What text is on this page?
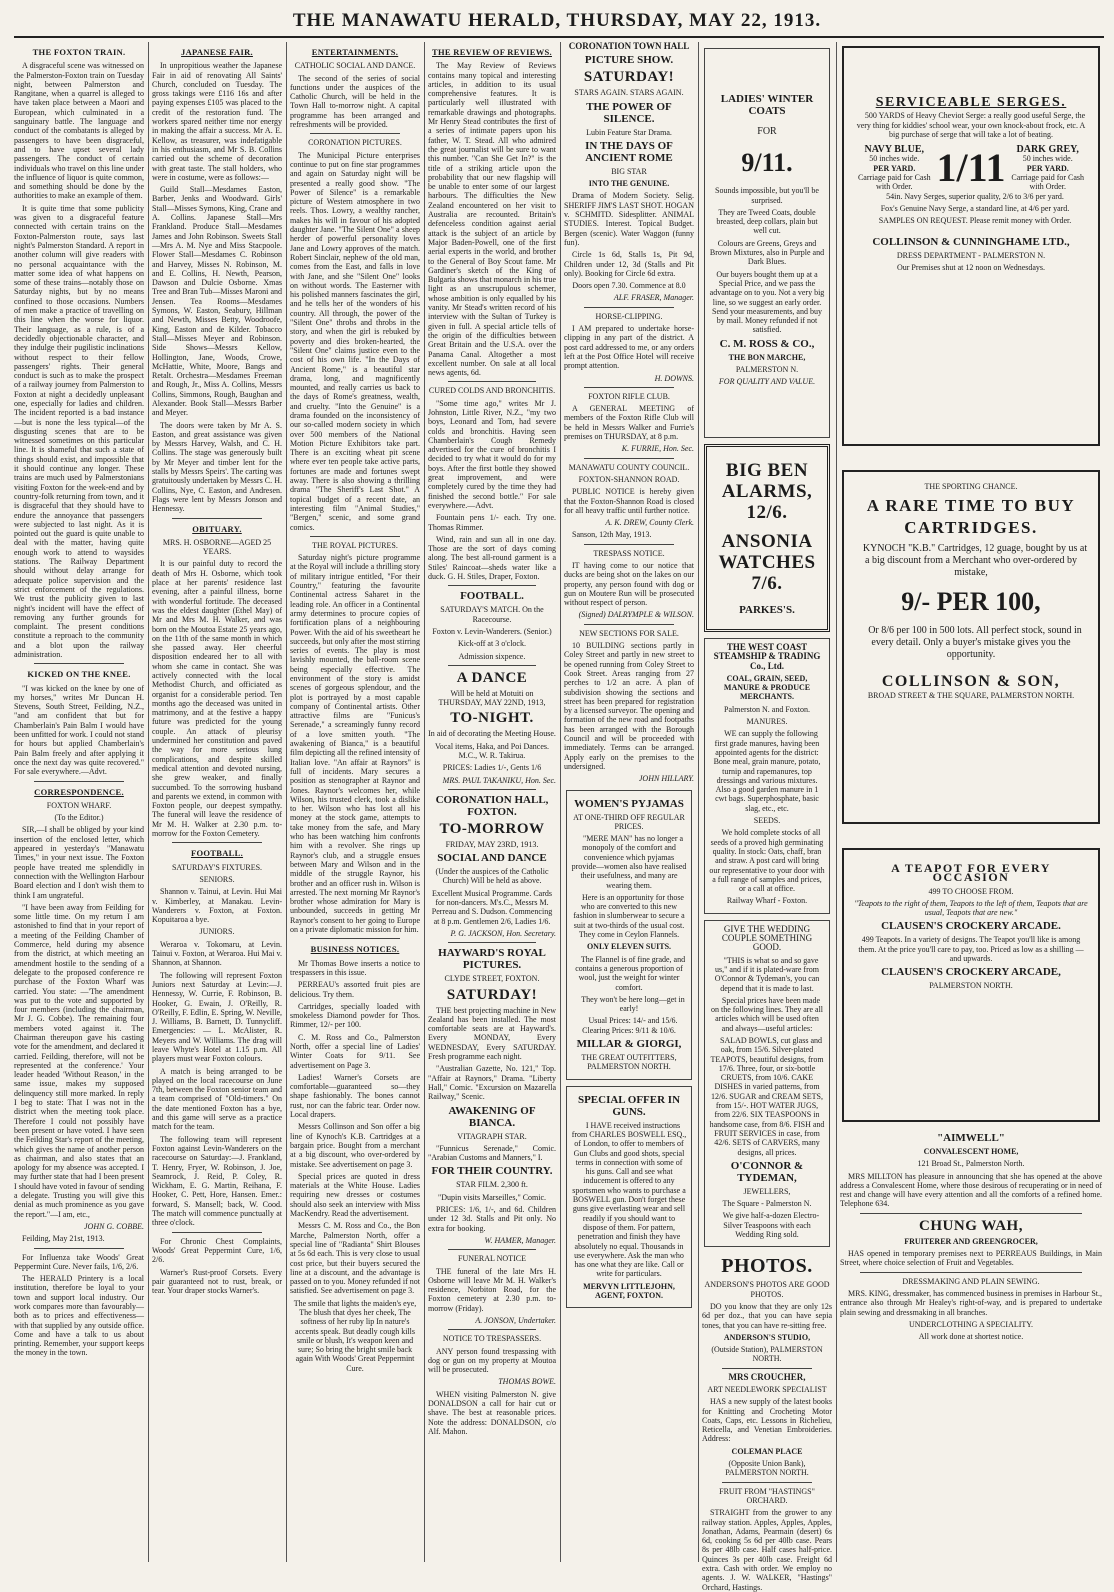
THE MANAWATU HERALD, THURSDAY, MAY 22, 1913.
THE FOXTON TRAIN.

A disgraceful scene was witnessed on the Palmerston-Foxton train on Tuesday night, between Palmerston and Rangitane, when a quarrel is alleged to have taken place between a Maori and European, which culminated in a sanguinary battle. The language and conduct of the combatants is alleged by passengers to have been disgraceful, and to have upset several lady passengers. The conduct of certain individuals who travel on this line under the influence of liquor is quite common, and something should be done by the authorities to make an example of them.

It is quite time that some publicity was given to a disgraceful feature connected with certain trains on the Foxton-Palmerston route, says last night's Palmerston Standard. A report in another column will give readers with no personal acquaintance with the matter some idea of what happens on some of these trains—notably those on Saturday nights, but by no means confined to those occasions. Numbers of men make a practice of travelling on this line when the worse for liquor. Their language, as a rule, is of a decidedly objectionable character, and they indulge their pugilistic inclinations without respect to their fellow passengers' rights. Their general conduct is such as to make the prospect of a railway journey from Palmerston to Foxton at night a decidedly unpleasant one, especially for ladies and children. The incident reported is a bad instance—but is none the less typical—of the disgusting scenes that are to be witnessed sometimes on this particular line. It is shameful that such a state of things should exist, and impossible that it should continue any longer. These trains are much used by Palmerstonians visiting Foxton for the week-end and by country-folk returning from town, and it is disgraceful that they should have to endure the annoyance that passengers were subjected to last night. As it is pointed out the guard is quite unable to deal with the matter, having quite enough work to attend to waysides stations. The Railway Department should without delay arrange for adequate police supervision and the strict enforcement of the regulations. We trust the publicity given to last night's incident will have the effect of removing any further grounds for complaint. The present conditions constitute a reproach to the community and a blot upon the railway administration.

KICKED ON THE KNEE.

"I was kicked on the knee by one of my horses," writes Mr Duncan H. Stevens, South Street, Feilding, N.Z., "and am confident that but for Chamberlain's Pain Balm I would have been unfitted for work. I could not stand for hours but applied Chamberlain's Pain Balm freely and after applying it once the next day was quite recovered." For sale everywhere.—Advt.

CORRESPONDENCE.

FOXTON WHARF.

(To the Editor.)

SIR,—I shall be obliged by your kind insertion of the enclosed letter, which appeared in yesterday's "Manawatu Times," in your next issue. The Foxton people have treated me splendidly in connection with the Wellington Harbour Board election and I don't wish them to think I am ungrateful.

"I have been away from Feilding for some little time. On my return I am astonished to find that in your report of a meeting of the Feilding Chamber of Commerce, held during my absence from the district, at which meeting an amendment hostile to the sending of a delegate to the proposed conference re purchase of the Foxton Wharf was carried. You state: —'The amendment was put to the vote and supported by four members (including the chairman, Mr J. G. Cobbe). The remaining four members voted against it. The Chairman thereupon gave his casting vote for the amendment, and declared it carried. Feilding, therefore, will not be represented at the conference.' Your leader headed 'Without Reason,' in the same issue, makes my supposed delinquency still more marked. In reply I beg to state: That I was not in the district when the meeting took place. Therefore I could not possibly have been present or have voted. I have seen the Feilding Star's report of the meeting, which gives the name of another person as chairman, and also states that an apology for my absence was accepted. I may further state that had I been present I should have voted in favour of sending a delegate. Trusting you will give this denial as much prominence as you gave the report."—I am, etc.,

JOHN G. COBBE.

Feilding, May 21st, 1913.

For Influenza take Woods' Great Peppermint Cure. Never fails, 1/6, 2/6.

The HERALD Printery is a local institution, therefore be loyal to your town and support local industry. Our work compares more than favourably—both as to prices and effectiveness—with that supplied by any outside office. Come and have a talk to us about printing. Remember, your support keeps the money in the town.

JAPANESE FAIR.

In unpropitious weather the Japanese Fair in aid of renovating All Saints' Church, concluded on Tuesday. The gross takings were £116 16s and after paying expenses £105 was placed to the credit of the restoration fund. The workers spared neither time nor energy in making the affair a success. Mr A. E. Kellow, as treasurer, was indefatigable in his enthusiasm, and Mr S. B. Collins carried out the scheme of decoration with great taste. The stall holders, who were in costume, were as follows:—

Guild Stall—Mesdames Easton, Barber, Jenks and Woodward. Girls' Stall—Misses Symons, King, Crane and A. Collins. Japanese Stall—Mrs Frankland. Produce Stall—Mesdames James and John Robinson. Sweets Stall—Mrs A. M. Nye and Miss Stacpoole. Flower Stall—Mesdames C. Robinson and Harvey, Misses N. Robinson, M. and E. Collins, H. Newth, Pearson, Dawson and Dulcie Osborne. Xmas Tree and Bran Tub—Misses Maroni and Jensen. Tea Rooms—Mesdames Symons, W. Easton, Seabury, Hillman and Newth, Misses Betty, Woodroofe, King, Easton and de Kilder. Tobacco Stall—Misses Meyer and Robinson. Side Shows—Messrs Kellow, Hollington, Jane, Woods, Crowe, McHattie, White, Moore, Bangs and Retalt. Orchestra—Mesdames Freeman and Rough, Jr., Miss A. Collins, Messrs Collins, Simmons, Rough, Baughan and Alexander. Book Stall—Messrs Barber and Meyer.

The doors were taken by Mr A. S. Easton, and great assistance was given by Messrs Harvey, Walsh, and C. H. Collins. The stage was generously built by Mr Meyer and timber lent for the stalls by Messrs Speirs'. The carting was gratuitously undertaken by Messrs C. H. Collins, Nye, C. Easton, and Andresen. Flags were lent by Messrs Jonson and Hennessy.

OBITUARY.

MRS. H. OSBORNE—AGED 25 YEARS.

It is our painful duty to record the death of Mrs H. Osborne, which took place at her parents' residence last evening, after a painful illness, borne with wonderful fortitude. The deceased was the eldest daughter (Ethel May) of Mr and Mrs M. H. Walker, and was born on the Moutoa Estate 25 years ago, on the 11th of the same month in which she passed away. Her cheerful disposition endeared her to all with whom she came in contact. She was actively connected with the local Methodist Church, and officiated as organist for a considerable period. Ten months ago the deceased was united in matrimony, and at the festive a happy future was predicted for the young couple. An attack of pleurisy undermined her constitution and paved the way for more serious lung complications, and despite skilled medical attention and devoted nursing, she grew weaker, and finally succumbed. To the sorrowing husband and parents we extend, in common with Foxton people, our deepest sympathy. The funeral will leave the residence of Mr M. H. Walker at 2.30 p.m. to-morrow for the Foxton Cemetery.

FOOTBALL.

SATURDAY'S FIXTURES.

SENIORS.

Shannon v. Tainui, at Levin. Hui Mai v. Kimberley, at Manakau. Levin-Wanderers v. Foxton, at Foxton. Kopuitaroa a bye.

JUNIORS.

Weraroa v. Tokomaru, at Levin. Tainui v. Foxton, at Weraroa. Hui Mai v. Shannon, at Shannon.

The following will represent Foxton Juniors next Saturday at Levin:—J. Hennessy, W. Currie, F. Robinson, B. Hooker, G. Ewain, J. O'Reilly, R. O'Reilly, F. Edlin, E. Spring, W. Neville, J. Williams, B. Barnett, D. Tunnycliff. Emergencies: — L. McAlister, R. Meyers and W. Williams. The drag will leave Whyte's Hotel at 1.15 p.m. All players must wear Foxton colours.

A match is being arranged to be played on the local racecourse on June 7th, between the Foxton senior team and a team comprised of "Old-timers." On the date mentioned Foxton has a bye, and this game will serve as a practice match for the team.

The following team will represent Foxton against Levin-Wanderers on the racecourse on Saturday:—J. Frankland, T. Henry, Fryer, W. Robinson, J. Joe, Seamrock, J. Reid, P. Coley, R. Wickham, E. G. Martin, Reihana, F. Hooker, C. Pett, Hore, Hansen. Emer.: forward, S. Mansell; back, W. Cood. The match will commence punctually at three o'clock.

For Chronic Chest Complaints, Woods' Great Peppermint Cure, 1/6, 2/6.

Warner's Rust-proof Corsets. Every pair guaranteed not to rust, break, or tear. Your draper stocks Warner's.

ENTERTAINMENTS.

CATHOLIC SOCIAL AND DANCE.

The second of the series of social functions under the auspices of the Catholic Church, will be held in the Town Hall to-morrow night. A capital programme has been arranged and refreshments will be provided.

CORONATION PICTURES.

The Municipal Picture enterprises continue to put on fine star programmes and again on Saturday night will be presented a really good show. "The Power of Silence" is a remarkable picture of Western atmosphere in two reels. Thos. Lowry, a wealthy rancher, makes his will in favour of his adopted daughter Jane. "The Silent One" a sheep herder of powerful personality loves Jane and Lowry approves of the match. Robert Sinclair, nephew of the old man, comes from the East, and falls in love with Jane, and she "Silent One" looks on without words. The Easterner with his polished manners fascinates the girl, and he tells her of the wonders of his country. All through, the power of the "Silent One" throbs and throbs in the story, and when the girl is rebuked by poverty and dies broken-hearted, the "Silent One" claims justice even to the cost of his own life. "In the Days of Ancient Rome," is a beautiful star drama, long, and magnificently mounted, and really carries us back to the days of Rome's greatness, wealth, and cruelty. "Into the Genuine" is a drama founded on the inconsistency of our so-called modern society in which over 500 members of the National Motion Picture Exhibitors take part. There is an exciting wheat pit scene where ever ten people take active parts, fortunes are made and fortunes swept away. There is also showing a thrilling drama "The Sheriff's Last Shot." A topical budget of a recent date, an interesting film "Animal Studies," "Bergen," scenic, and some grand comics.

THE ROYAL PICTURES.

Saturday night's picture programme at the Royal will include a thrilling story of military intrigue entitled, "For their Country," featuring the favourite Continental actress Saharet in the leading role. An officer in a Continental army determines to procure copies of fortification plans of a neighbouring Power. With the aid of his sweetheart he succeeds, but only after the most stirring series of events. The play is most lavishly mounted, the ball-room scene being especially effective. The environment of the story is amidst scenes of gorgeous splendour, and the plot is portrayed by a most capable company of Continental artists. Other attractive films are "Funicus's Serenade," a screamingly funny record of a love smitten youth. "The awakening of Bianca," is a beautiful film depicting all the refined intensity of Italian love. "An affair at Raynors" is full of incidents. Mary secures a position as stenographer at Raynor and Jones. Raynor's welcomes her, while Wilson, his trusted clerk, took a dislike to her. Wilson who has lost all his money at the stock game, attempts to take money from the safe, and Mary who has been watching him confronts him with a revolver. She rings up Raynor's club, and a struggle ensues between Mary and Wilson and in the middle of the struggle Raynor, his brother and an officer rush in. Wilson is arrested. The next morning Mr Raynor's brother whose admiration for Mary is unbounded, succeeds in getting Mr Raynor's consent to her going to Europe on a private diplomatic mission for him.

BUSINESS NOTICES.

Mr Thomas Bowe inserts a notice to trespassers in this issue.

PERREAU's assorted fruit pies are delicious. Try them.

Cartridges, specially loaded with smokeless Diamond powder for Thos. Rimmer, 12/- per 100.

C. M. Ross and Co., Palmerston North, offer a special line of Ladies' Winter Coats for 9/11. See advertisement on Page 3.

Ladies! Warner's Corsets are comfortable—guaranteed so—they shape fashionably. The bones cannot rust, nor can the fabric tear. Order now. Local drapers.

Messrs Collinson and Son offer a big line of Kynoch's K.B. Cartridges at a bargain price. Bought from a merchant at a big discount, who over-ordered by mistake. See advertisement on page 3.

Special prices are quoted in dress materials at the White House. Ladies requiring new dresses or costumes should also seek an interview with Miss MacKendry. Read the advertisement.

Messrs C. M. Ross and Co., the Bon Marche, Palmerston North, offer a special line of "Radianta" Shirt Blouses at 5s 6d each. This is very close to usual cost price, but their buyers secured the line at a discount, and the advantage is passed on to you. Money refunded if not satisfied. See advertisement on page 3.

The smile that lights the maiden's eye, The blush that dyes her cheek, The softness of her ruby lip In nature's accents speak. But deadly cough kills smile or blush, It's weapon keen and sure; So bring the bright smile back again With Woods' Great Peppermint Cure.

THE REVIEW OF REVIEWS.

The May Review of Reviews contains many topical and interesting articles, in addition to its usual comprehensive features. It is particularly well illustrated with remarkable drawings and photographs. Mr Henry Stead contributes the first of a series of intimate papers upon his father, W. T. Stead. All who admired the great journalist will be sure to want this number. "Can She Get In?" is the title of a striking article upon the probability that our new flagship will be unable to enter some of our largest harbours. The difficulties the New Zealand encountered on her visit to Australia are recounted. Britain's defenceless condition against aerial attack is the subject of an article by Major Baden-Powell, one of the first aerial experts in the world, and brother to the General of Boy Scout fame. Mr Gardiner's sketch of the King of Bulgaria shows that monarch in his true light as an unscrupulous schemer, whose ambition is only equalled by his vanity. Mr Stead's written record of his interview with the Sultan of Turkey is given in full. A special article tells of the origin of the difficulties between Great Britain and the U.S.A. over the Panama Canal. Altogether a most excellent number. On sale at all local news agents, 6d.

CURED COLDS AND BRONCHITIS.

"Some time ago," writes Mr J. Johnston, Little River, N.Z., "my two boys, Leonard and Tom, had severe colds and bronchitis. Having seen Chamberlain's Cough Remedy advertised for the cure of bronchitis I decided to try what it would do for my boys. After the first bottle they showed great improvement, and were completely cured by the time they had finished the second bottle." For sale everywhere.—Advt.

Fountain pens 1/- each. Try one. Thomas Rimmer.

Wind, rain and sun all in one day. Those are the sort of days coming along. The best all-round garment is a Stiles' Raincoat—sheds water like a duck. G. H. Stiles, Draper, Foxton.

FOOTBALL.

SATURDAY'S MATCH. On the Racecourse.

Foxton v. Levin-Wanderers. (Senior.)

Kick-off at 3 o'clock.

Admission sixpence.

A DANCE

Will be held at Motuiti on THURSDAY, MAY 22ND, 1913,

TO-NIGHT.

In aid of decorating the Meeting House.

Vocal items, Haka, and Poi Dances. M.C., W. R. Takirua.

PRICES: Ladies 1/-, Gents 1/6

MRS. PAUL TAKANIKU, Hon. Sec.

CORONATION HALL, FOXTON.
TO-MORROW

FRIDAY, MAY 23RD, 1913.

SOCIAL AND DANCE

(Under the auspices of the Catholic Church) Will be held as above.

Excellent Musical Programme. Cards for non-dancers. M's.C., Messrs M. Perreau and S. Dudson. Commencing at 8 p.m. Gentlemen 2/6, Ladies 1/6.

P. G. JACKSON, Hon. Secretary.

HAYWARD'S ROYAL PICTURES.

CLYDE STREET, FOXTON.

SATURDAY!

THE best projecting machine in New Zealand has been installed. The most comfortable seats are at Hayward's. Every MONDAY, Every WEDNESDAY, Every SATURDAY. Fresh programme each night.

"Australian Gazette, No. 121," Top. "Affair at Raynors," Drama. "Liberty Hall," Comic. "Excursion on Mazarella Railway," Scenic.

AWAKENING OF BIANCA.

VITAGRAPH STAR.

"Funnicus Serenade," Comic. "Arabian Customs and Manners," I.

FOR THEIR COUNTRY.

STAR FILM. 2,300 ft.

"Dupin visits Marseilles," Comic.

PRICES: 1/6, 1/-, and 6d. Children under 12 3d. Stalls and Pit only. No extra for booking.

W. HAMER, Manager.

FUNERAL NOTICE

THE funeral of the late Mrs H. Osborne will leave Mr M. H. Walker's residence, Norbiton Road, for the Foxton cemetery at 2.30 p.m. to-morrow (Friday).

A. JONSON, Undertaker.

NOTICE TO TRESPASSERS.

ANY person found trespassing with dog or gun on my property at Moutoa will be prosecuted.

THOMAS BOWE.

WHEN visiting Palmerston N. give DONALDSON a call for hair cut or shave. The best at reasonable prices. Note the address: DONALDSON, c/o Alf. Mahon.

CORONATION TOWN HALL

PICTURE SHOW.
SATURDAY!

STARS AGAIN. STARS AGAIN.

THE POWER OF SILENCE.

Lubin Feature Star Drama.

IN THE DAYS OF ANCIENT ROME

BIG STAR

INTO THE GENUINE.

Drama of Modern Society. Selig. SHERIFF JIM'S LAST SHOT. HOGAN v. SCHMITD. Sidesplitter. ANIMAL STUDIES. Interest. Topical Budget. Bergen (scenic). Water Waggon (funny fun).

Circle 1s 6d, Stalls 1s, Pit 9d, Children under 12, 3d (Stalls and Pit only). Booking for Circle 6d extra.

Doors open 7.30. Commence at 8.0

ALF. FRASER, Manager.

HORSE-CLIPPING.

I AM prepared to undertake horse-clipping in any part of the district. A post card addressed to me, or any orders left at the Post Office Hotel will receive prompt attention.

H. DOWNS.

FOXTON RIFLE CLUB.

A GENERAL MEETING of members of the Foxton Rifle Club will be held in Messrs Walker and Furrie's premises on THURSDAY, at 8 p.m.

K. FURRIE, Hon. Sec.

MANAWATU COUNTY COUNCIL.

FOXTON-SHANNON ROAD.

PUBLIC NOTICE is hereby given that the Foxton-Shannon Road is closed for all heavy traffic until further notice.

A. K. DREW, County Clerk.

Sanson, 12th May, 1913.

TRESPASS NOTICE.

IT having come to our notice that ducks are being shot on the lakes on our property, any person found with dog or gun on Moutere Run will be prosecuted without respect of person.

(Signed) DALRYMPLE & WILSON.

NEW SECTIONS FOR SALE.

10 BUILDING sections partly in Coley Street and partly in new street to be opened running from Coley Street to Cook Street. Areas ranging from 27 perches to 1/2 an acre. A plan of subdivision showing the sections and street has been prepared for registration by a licensed surveyor. The opening and formation of the new road and footpaths has been arranged with the Borough Council and will be proceeded with immediately. Terms can be arranged. Apply early on the premises to the undersigned.

JOHN HILLARY.

WOMEN'S PYJAMAS

AT ONE-THIRD OFF REGULAR PRICES.

"MERE MAN" has no longer a monopoly of the comfort and convenience which pyjamas provide—women also have realised their usefulness, and many are wearing them.

Here is an opportunity for those who are converted to this new fashion in slumberwear to secure a suit at two-thirds of the usual cost. They come in Ceylon Flannels.

ONLY ELEVEN SUITS.

The Flannel is of fine grade, and contains a generous proportion of wool, just the weight for winter comfort.

They won't be here long—get in early!

Usual Prices: 14/- and 15/6. Clearing Prices: 9/11 & 10/6.

MILLAR & GIORGI,

THE GREAT OUTFITTERS, PALMERSTON NORTH.

SPECIAL OFFER IN GUNS.

I HAVE received instructions from CHARLES BOSWELL ESQ., of London, to offer to members of Gun Clubs and good shots, special terms in connection with some of his guns. Call and see what inducement is offered to any sportsmen who wants to purchase a BOSWELL gun. Don't forget these guns give everlasting wear and sell readily if you should want to dispose of them. For pattern, penetration and finish they have absolutely no equal. Thousands in use everywhere. Ask the man who has one what they are like. Call or write for particulars.

MERVYN LITTLEJOHN, AGENT, FOXTON.

LADIES' WINTER COATS

FOR

9/11.

Sounds impossible, but you'll be surprised.

They are Tweed Coats, double breasted, deep collars, plain but well cut.

Colours are Greens, Greys and Brown Mixtures, also in Purple and Dark Blues.

Our buyers bought them up at a Special Price, and we pass the advantage on to you. Not a very big line, so we suggest an early order. Send your measurements, and buy by mail. Money refunded if not satisfied.

C. M. ROSS & CO.,

THE BON MARCHE,

PALMERSTON N.

FOR QUALITY AND VALUE.

BIG BEN ALARMS,
12/6.
ANSONIA WATCHES
7/6.
PARKES'S.

THE WEST COAST STEAMSHIP & TRADING Co., Ltd.

COAL, GRAIN, SEED, MANURE & PRODUCE MERCHANTS.

Palmerston N. and Foxton.

MANURES.

WE can supply the following first grade manures, having been appointed agents for the district: Bone meal, grain manure, potato, turnip and rapemanures, top dressings and various mixtures. Also a good garden manure in 1 cwt bags. Superphosphate, basic slag, etc., etc.

SEEDS.

We hold complete stocks of all seeds of a proved high germinating quality. In stock: Oats, chaff, bran and straw. A post card will bring our representative to your door with a full range of samples and prices, or a call at office.

Railway Wharf - Foxton.

GIVE THE WEDDING COUPLE SOMETHING GOOD.

"THIS is what so and so gave us," and if it is plated-ware from O'Connor & Tydeman's, you can depend that it is made to last.

Special prices have been made on the following lines. They are all articles which will be used often and always—useful articles:

SALAD BOWLS, cut glass and oak, from 15/6. Silver-plated TEAPOTS, beautiful designs, from 17/6. Three, four, or six-bottle CRUETS, from 10/6. CAKE DISHES in varied patterns, from 12/6. SUGAR and CREAM SETS, from 15/-. HOT WATER JUGS, from 22/6. SIX TEASPOONS in handsome case, from 8/6. FISH and FRUIT SERVICES in case, from 42/6. SETS of CARVERS, many designs, all prices.

O'CONNOR & TYDEMAN,

JEWELLERS,

The Square - Palmerston N.

We give half-a-dozen Electro-Silver Teaspoons with each Wedding Ring sold.

PHOTOS.

ANDERSON'S PHOTOS ARE GOOD PHOTOS.

DO you know that they are only 12s 6d per doz., that you can have sepia tones, that you can have re-sitting free.

ANDERSON'S STUDIO,

(Outside Station), PALMERSTON NORTH.

MRS CROUCHER,

ART NEEDLEWORK SPECIALIST

HAS a new supply of the latest books for Knitting and Crocheting Motor Coats, Caps, etc. Lessons in Richelieu, Reticella, and Venetian Embroideries. Address:

COLEMAN PLACE

(Opposite Union Bank), PALMERSTON NORTH.

FRUIT FROM "HASTINGS" ORCHARD.

STRAIGHT from the grower to any railway station. Apples, Apples, Apples, Jonathan, Adams, Pearmain (desert) 6s 6d, cooking 5s 6d per 40lb case. Pears 8s per 48lb case. Half cases half-price. Quinces 3s per 40lb case. Freight 6d extra. Cash with order. We employ no agents. J. W. WALKER, "Hastings" Orchard, Hastings.

SERVICEABLE SERGES.

500 YARDS of Heavy Cheviot Serge: a really good useful Serge, the very thing for kiddies' school wear, your own knock-about frock, etc. A big purchase of serge that will take a lot of beating.

NAVY BLUE,
50 inches wide.
PER YARD.
Carriage paid for Cash with Order. 1/11	DARK GREY,
50 inches wide.
PER YARD.
Carriage paid for Cash with Order.

54in. Navy Serges, superior quality, 2/6 to 3/6 per yard.

Fox's Genuine Navy Serge, a standard line, at 4/6 per yard.

SAMPLES ON REQUEST. Please remit money with Order.

COLLINSON & CUNNINGHAME LTD.,

DRESS DEPARTMENT - PALMERSTON N.

Our Premises shut at 12 noon on Wednesdays.

THE SPORTING CHANCE.

A RARE TIME TO BUY CARTRIDGES.

KYNOCH "K.B." Cartridges, 12 guage, bought by us at a big discount from a Merchant who over-ordered by mistake,

9/- PER 100,

Or 8/6 per 100 in 500 lots. All perfect stock, sound in every detail. Only a buyer's mistake gives you the opportunity.

COLLINSON & SON,

BROAD STREET & THE SQUARE, PALMERSTON NORTH.

A TEAPOT FOR EVERY OCCASION

499 TO CHOOSE FROM.

"Teapots to the right of them, Teapots to the left of them, Teapots that are usual, Teapots that are new."

CLAUSEN'S CROCKERY ARCADE.

499 Teapots. In a variety of designs. The Teapot you'll like is among them. At the price you'll care to pay, too. Priced as low as a shilling —and upwards.

CLAUSEN'S CROCKERY ARCADE,

PALMERSTON NORTH.

"AIMWELL"

CONVALESCENT HOME,

121 Broad St., Palmerston North.

MRS MILLTON has pleasure in announcing that she has opened at the above address a Convalescent Home, where those desirous of recuperating or in need of rest and change will have every attention and all the comforts of a refined home. Telephone 634.

CHUNG WAH,

FRUITERER AND GREENGROCER,

HAS opened in temporary premises next to PERREAUS Buildings, in Main Street, where choice selection of Fruit and Vegetables.

DRESSMAKING AND PLAIN SEWING.

MRS. KING, dressmaker, has commenced business in premises in Harbour St., entrance also through Mr Healey's right-of-way, and is prepared to undertake plain sewing and dressmaking in all branches.

UNDERCLOTHING A SPECIALITY.

All work done at shortest notice.
